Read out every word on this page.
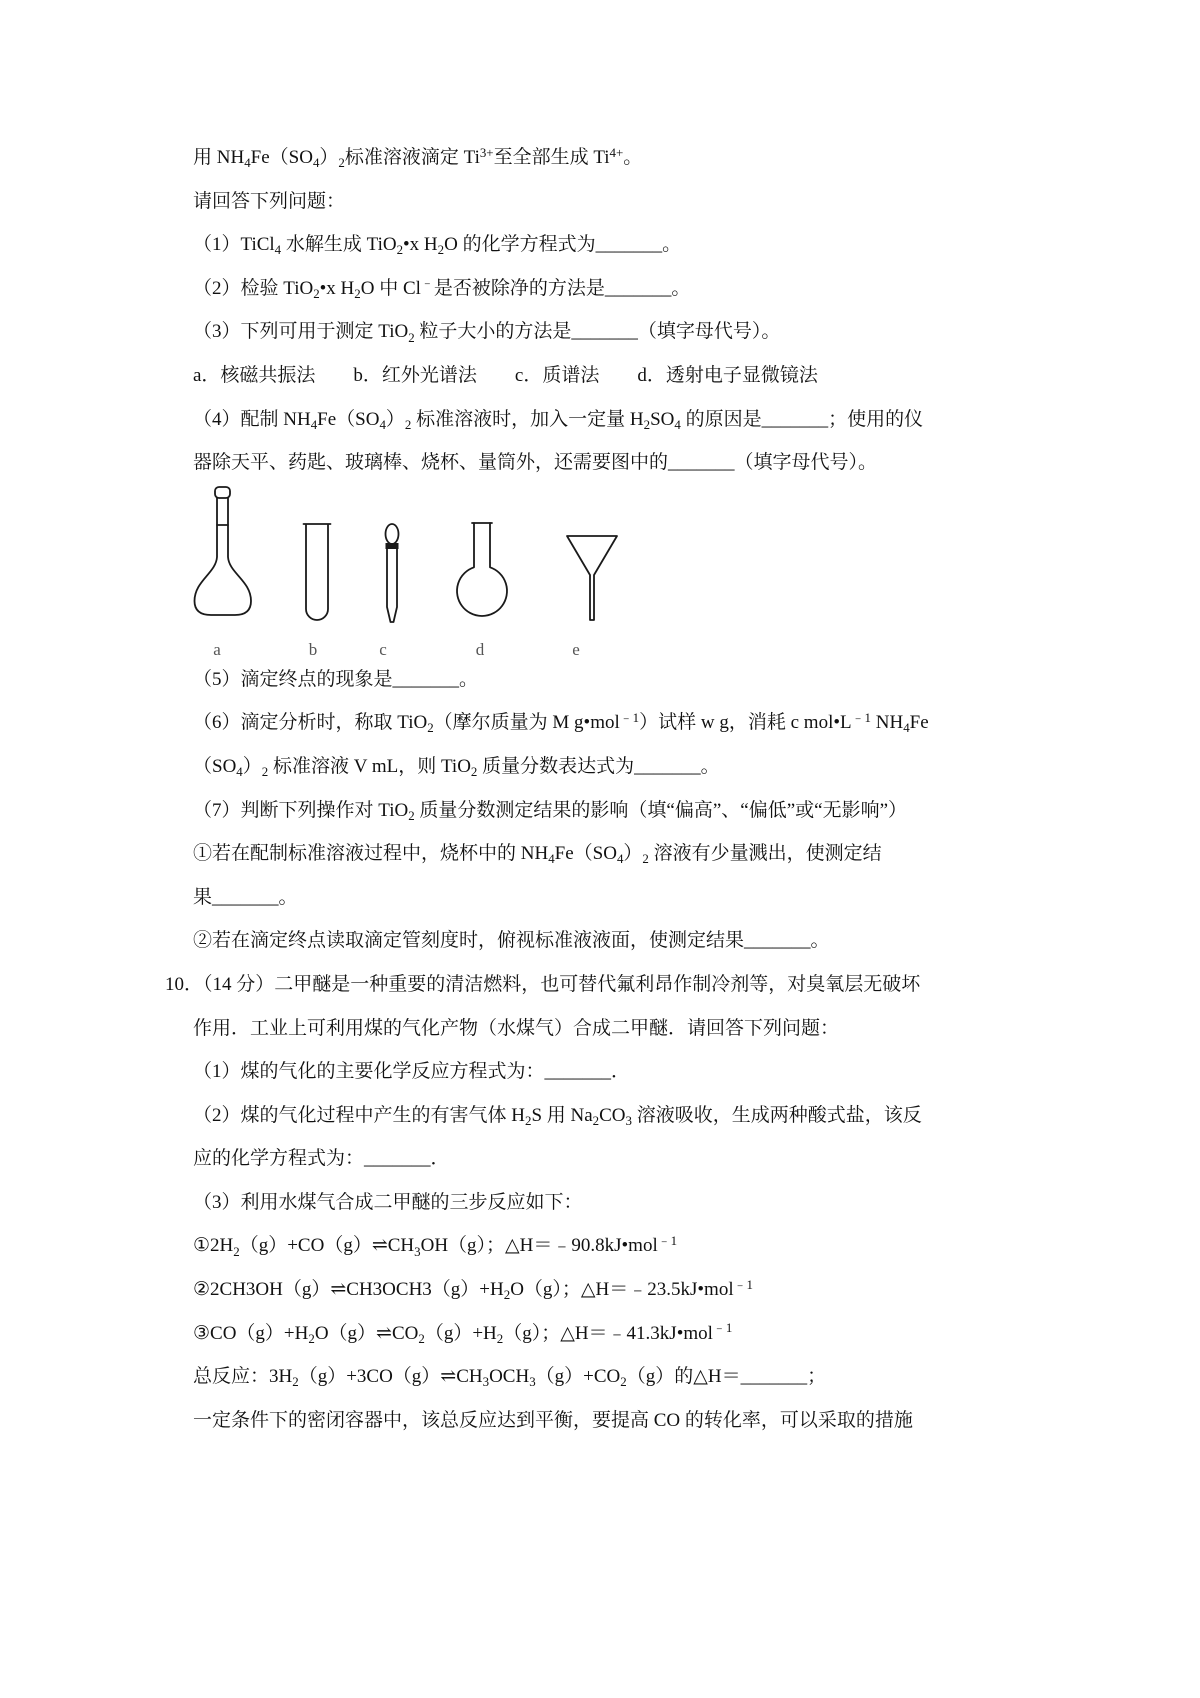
用 $NH_4Fe(SO_4)_2$标准溶液滴定 $Ti^{3+}$至全部生成 $Ti^{4+}$。
请回答下列问题：
（1）TiCl$_4$ 水解生成 TiO$_2$•x $H_2O$ 的化学方程式为_______。
（2）检验 TiO$_2$•x $H_2O$ 中 Cl﹣是否被除净的方法是_______。
（3）下列可用于测定 TiO$_2$ 粒子大小的方法是_______（填字母代号）。
a．核磁共振法　　b．红外光谱法　　c．质谱法　　d．透射电子显微镜法
（4）配制 $NH_4Fe(SO_4)_2$ 标准溶液时，加入一定量 $H_2SO_4$ 的原因是_______；使用的仪
器除天平、药匙、玻璃棒、烧杯、量筒外，还需要图中的_______（填字母代号）。
a	b	c	d	e
（5）滴定终点的现象是_______。
（6）滴定分析时，称取 TiO$_2$（摩尔质量为 M g•mol$^{﹣1}$）试样 w g，消耗 c $mol•L^{﹣1}$ $NH_4Fe$
$(SO_4)_2$ 标准溶液 V mL，则 TiO$_2$ 质量分数表达式为_______。
（7）判断下列操作对 TiO$_2$ 质量分数测定结果的影响（填“偏高”、“偏低”或“无影响”）
①若在配制标准溶液过程中，烧杯中的 $NH_4Fe(SO_4)_2$ 溶液有少量溅出，使测定结
果_______。
②若在滴定终点读取滴定管刻度时，俯视标准液液面，使测定结果_______。
10．（14 分）二甲醚是一种重要的清洁燃料，也可替代氟利昂作制冷剂等，对臭氧层无破坏
作用．工业上可利用煤的气化产物（水煤气）合成二甲醚．请回答下列问题：
（1）煤的气化的主要化学反应方程式为：_______．
（2）煤的气化过程中产生的有害气体 $H_2S$ 用 $Na_2CO_3$ 溶液吸收，生成两种酸式盐，该反
应的化学方程式为：_______．
（3）利用水煤气合成二甲醚的三步反应如下：
$①2H_2(g)+CO(g)\rightleftharpoons CH_3OH(g)$；△H＝﹣90.8kJ•mol$^{﹣1}$
$②2CH3OH(g)\rightleftharpoons CH3OCH3(g)+H_2O(g)$；△H＝﹣23.5kJ•mol$^{﹣1}$
$③CO(g)+H_2O(g)\rightleftharpoons CO_2(g)+H_2(g)$；△H＝﹣41.3kJ•mol$^{﹣1}$
总反应：$3H_2(g)+3CO(g)\rightleftharpoons CH_3OCH_3(g)+CO_2(g)$的△H＝_______；
一定条件下的密闭容器中，该总反应达到平衡，要提高 CO 的转化率，可以采取的措施
